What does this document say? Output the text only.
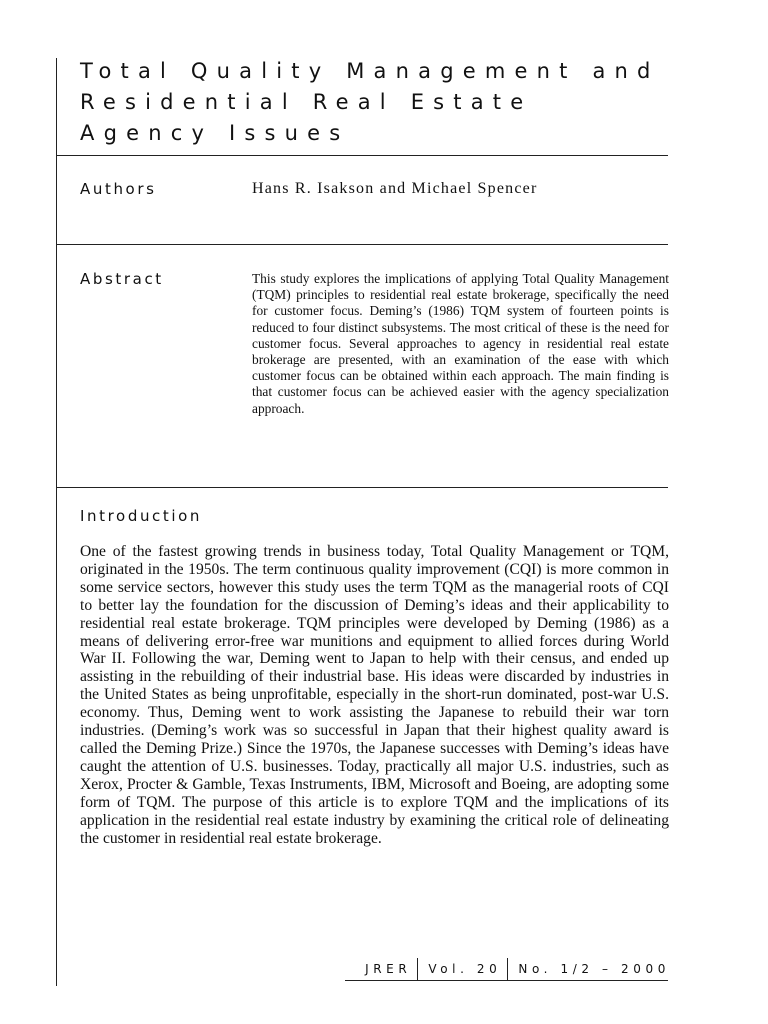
Total Quality Management and Residential Real Estate Agency Issues
Authors	Hans R. Isakson and Michael Spencer
Abstract	This study explores the implications of applying Total Quality Management (TQM) principles to residential real estate brokerage, specifically the need for customer focus. Deming’s (1986) TQM system of fourteen points is reduced to four distinct subsystems. The most critical of these is the need for customer focus. Several approaches to agency in residential real estate brokerage are presented, with an examination of the ease with which customer focus can be obtained within each approach. The main finding is that customer focus can be achieved easier with the agency specialization approach.

Introduction

One of the fastest growing trends in business today, Total Quality Management or TQM, originated in the 1950s. The term continuous quality improvement (CQI) is more common in some service sectors, however this study uses the term TQM as the managerial roots of CQI to better lay the foundation for the discussion of Deming’s ideas and their applicability to residential real estate brokerage. TQM principles were developed by Deming (1986) as a means of delivering error-free war munitions and equipment to allied forces during World War II. Following the war, Deming went to Japan to help with their census, and ended up assisting in the rebuilding of their industrial base. His ideas were discarded by industries in the United States as being unprofitable, especially in the short-run dominated, post-war U.S. economy. Thus, Deming went to work assisting the Japanese to rebuild their war torn industries. (Deming’s work was so successful in Japan that their highest quality award is called the Deming Prize.) Since the 1970s, the Japanese successes with Deming’s ideas have caught the attention of U.S. businesses. Today, practically all major U.S. industries, such as Xerox, Procter & Gamble, Texas Instruments, IBM, Microsoft and Boeing, are adopting some form of TQM. The purpose of this article is to explore TQM and the implications of its application in the residential real estate industry by examining the critical role of delineating the customer in residential real estate brokerage.

JRER Vol. 20 No. 1/2 – 2000
